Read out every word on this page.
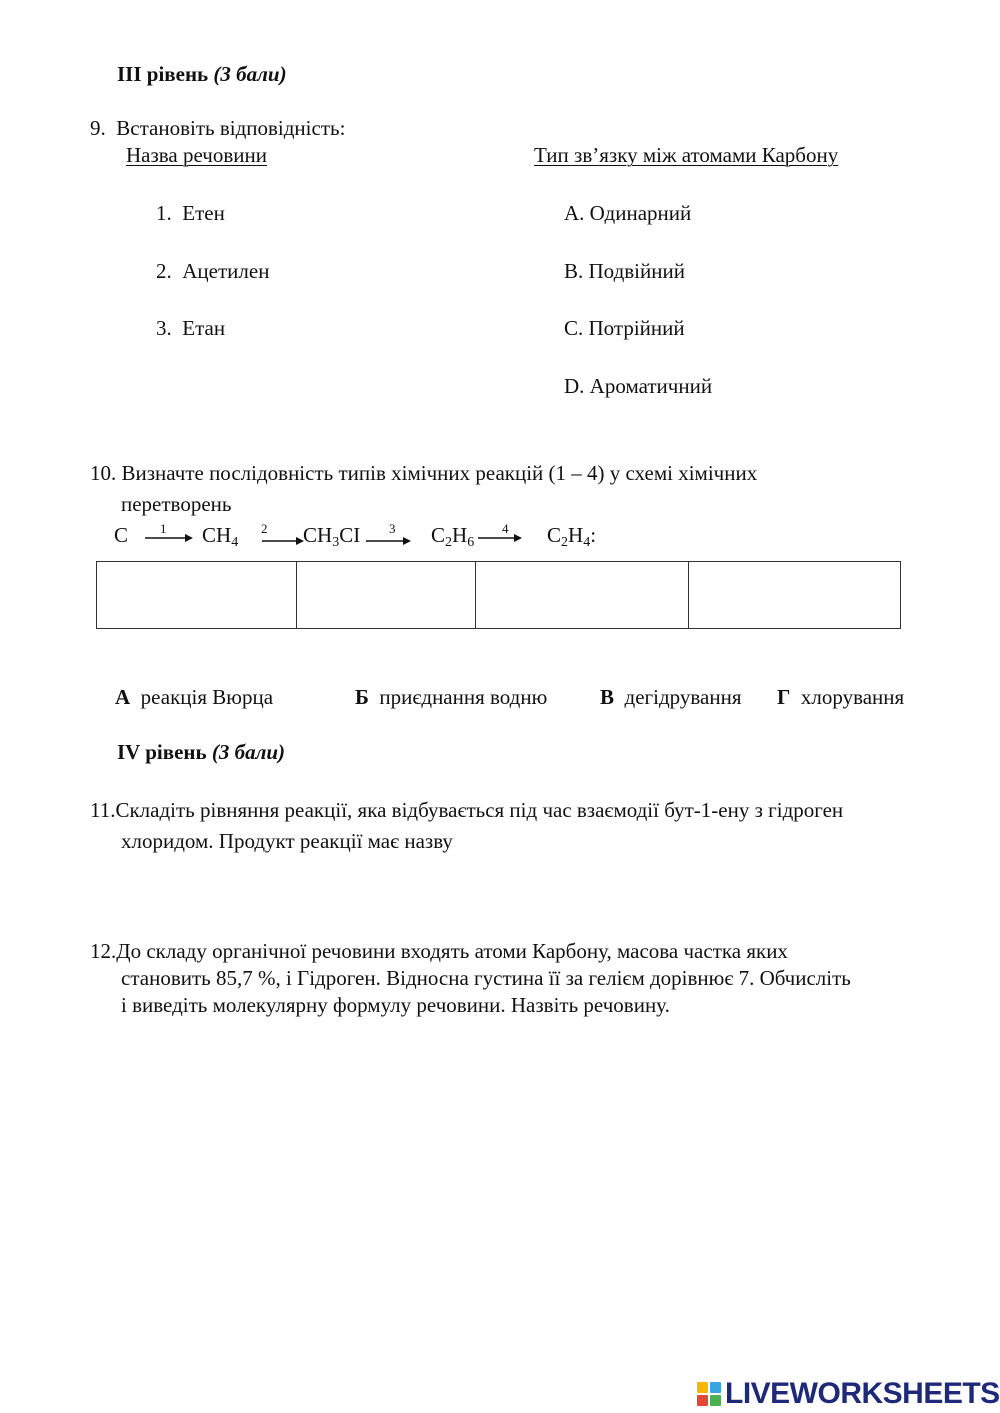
ІІІ рівень (3 бали)
9. Встановіть відповідність:
Назва речовини	Тип зв’язку між атомами Карбону
1. Етен
2. Ацетилен
3. Етан
А. Одинарний
В. Подвійний
С. Потрійний
D. Ароматичний
10. Визначте послідовність типів хімічних реакцій (1 – 4) у схемі хімічних
перетворень
С 1 $CH_4$
2 $CH_3CI$ 3 $C_2H_6$
4 $C_2H_4$:
А реакція Вюрца	Б приєднання водню	В дегідрування Г хлорування
IV рівень (3 бали)
11.Складіть рівняння реакції, яка відбувається під час взаємодії бут-1-ену з гідроген
хлоридом. Продукт реакції має назву
12.До складу органічної речовини входять атоми Карбону, масова частка яких
становить 85,7 %, і Гідроген. Відносна густина її за гелієм дорівнює 7. Обчисліть
і виведіть молекулярну формулу речовини. Назвіть речовину.
LIVEWORKSHEETS
